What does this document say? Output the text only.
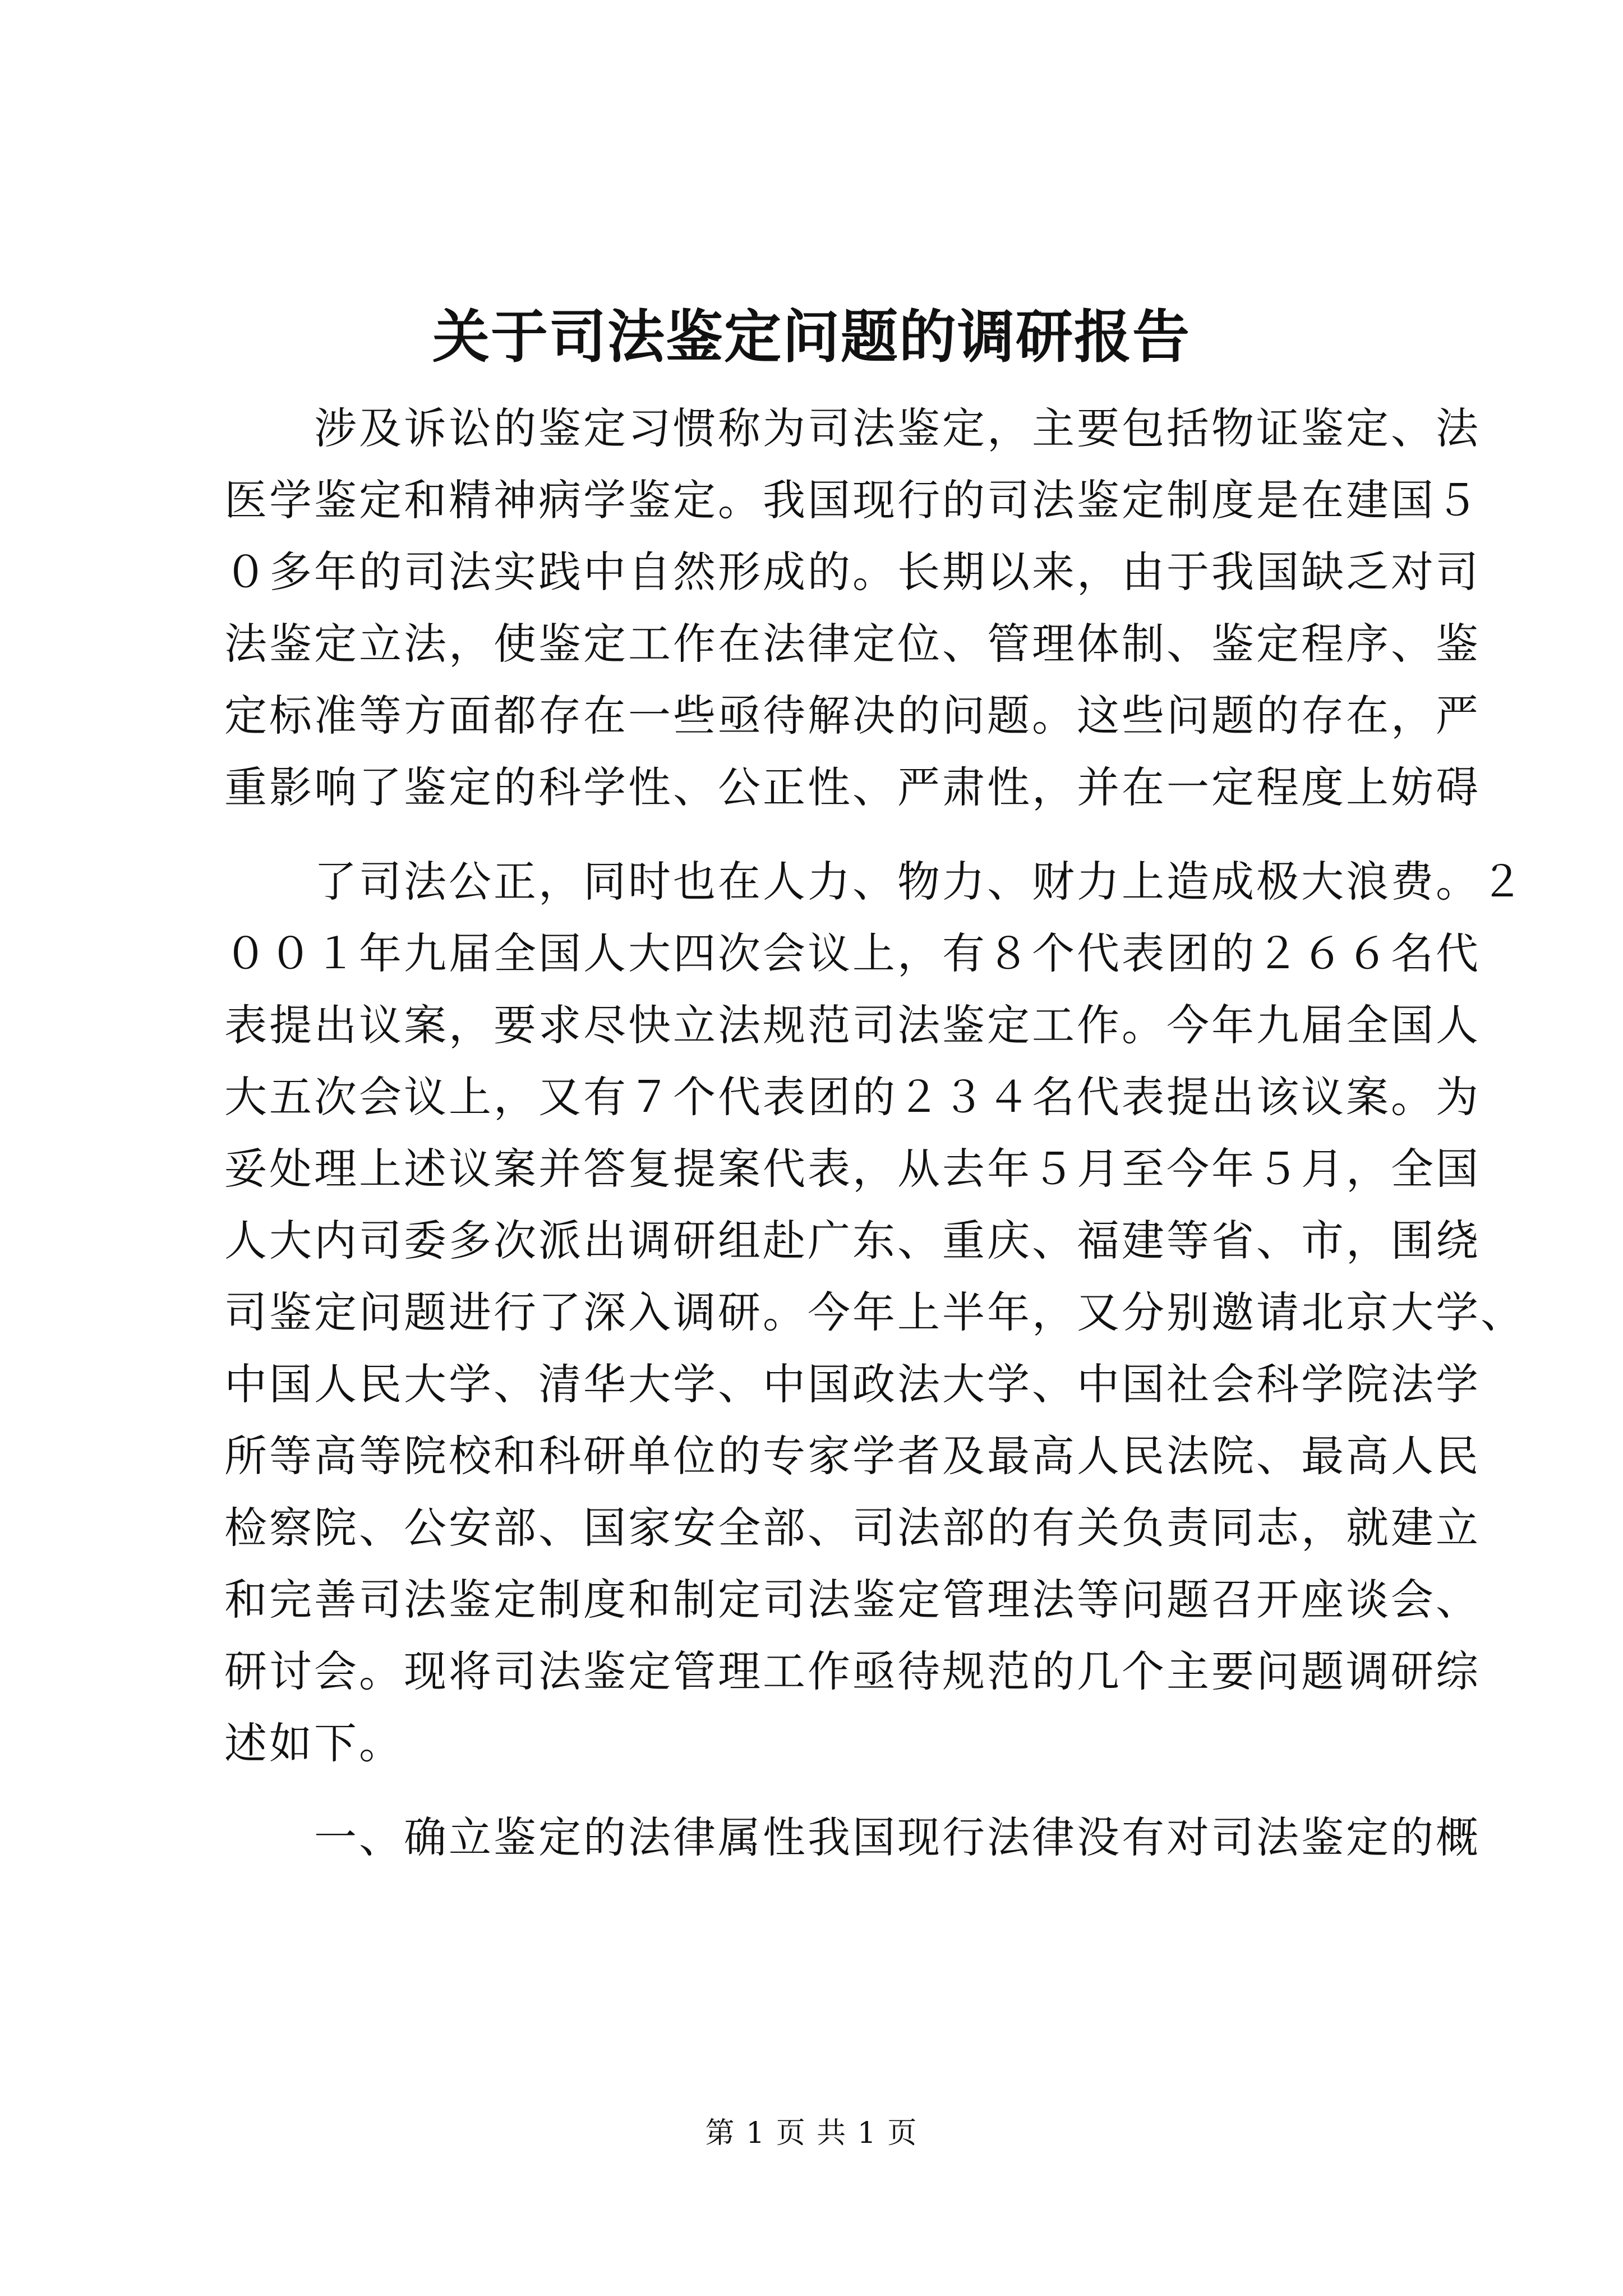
关于司法鉴定问题的调研报告
涉及诉讼的鉴定习惯称为司法鉴定，主要包括物证鉴定、法
医学鉴定和精神病学鉴定。我国现行的司法鉴定制度是在建国５
０多年的司法实践中自然形成的。长期以来，由于我国缺乏对司
法鉴定立法，使鉴定工作在法律定位、管理体制、鉴定程序、鉴
定标准等方面都存在一些亟待解决的问题。这些问题的存在，严
重影响了鉴定的科学性、公正性、严肃性，并在一定程度上妨碍
了司法公正，同时也在人力、物力、财力上造成极大浪费。２
００１年九届全国人大四次会议上，有８个代表团的２６６名代
表提出议案，要求尽快立法规范司法鉴定工作。今年九届全国人
大五次会议上，又有７个代表团的２３４名代表提出该议案。为
妥处理上述议案并答复提案代表，从去年５月至今年５月，全国
人大内司委多次派出调研组赴广东、重庆、福建等省、市，围绕
司鉴定问题进行了深入调研。今年上半年，又分别邀请北京大学、
中国人民大学、清华大学、中国政法大学、中国社会科学院法学
所等高等院校和科研单位的专家学者及最高人民法院、最高人民
检察院、公安部、国家安全部、司法部的有关负责同志，就建立
和完善司法鉴定制度和制定司法鉴定管理法等问题召开座谈会、
研讨会。现将司法鉴定管理工作亟待规范的几个主要问题调研综
述如下。
一、确立鉴定的法律属性我国现行法律没有对司法鉴定的概
第 1 页 共 1 页
